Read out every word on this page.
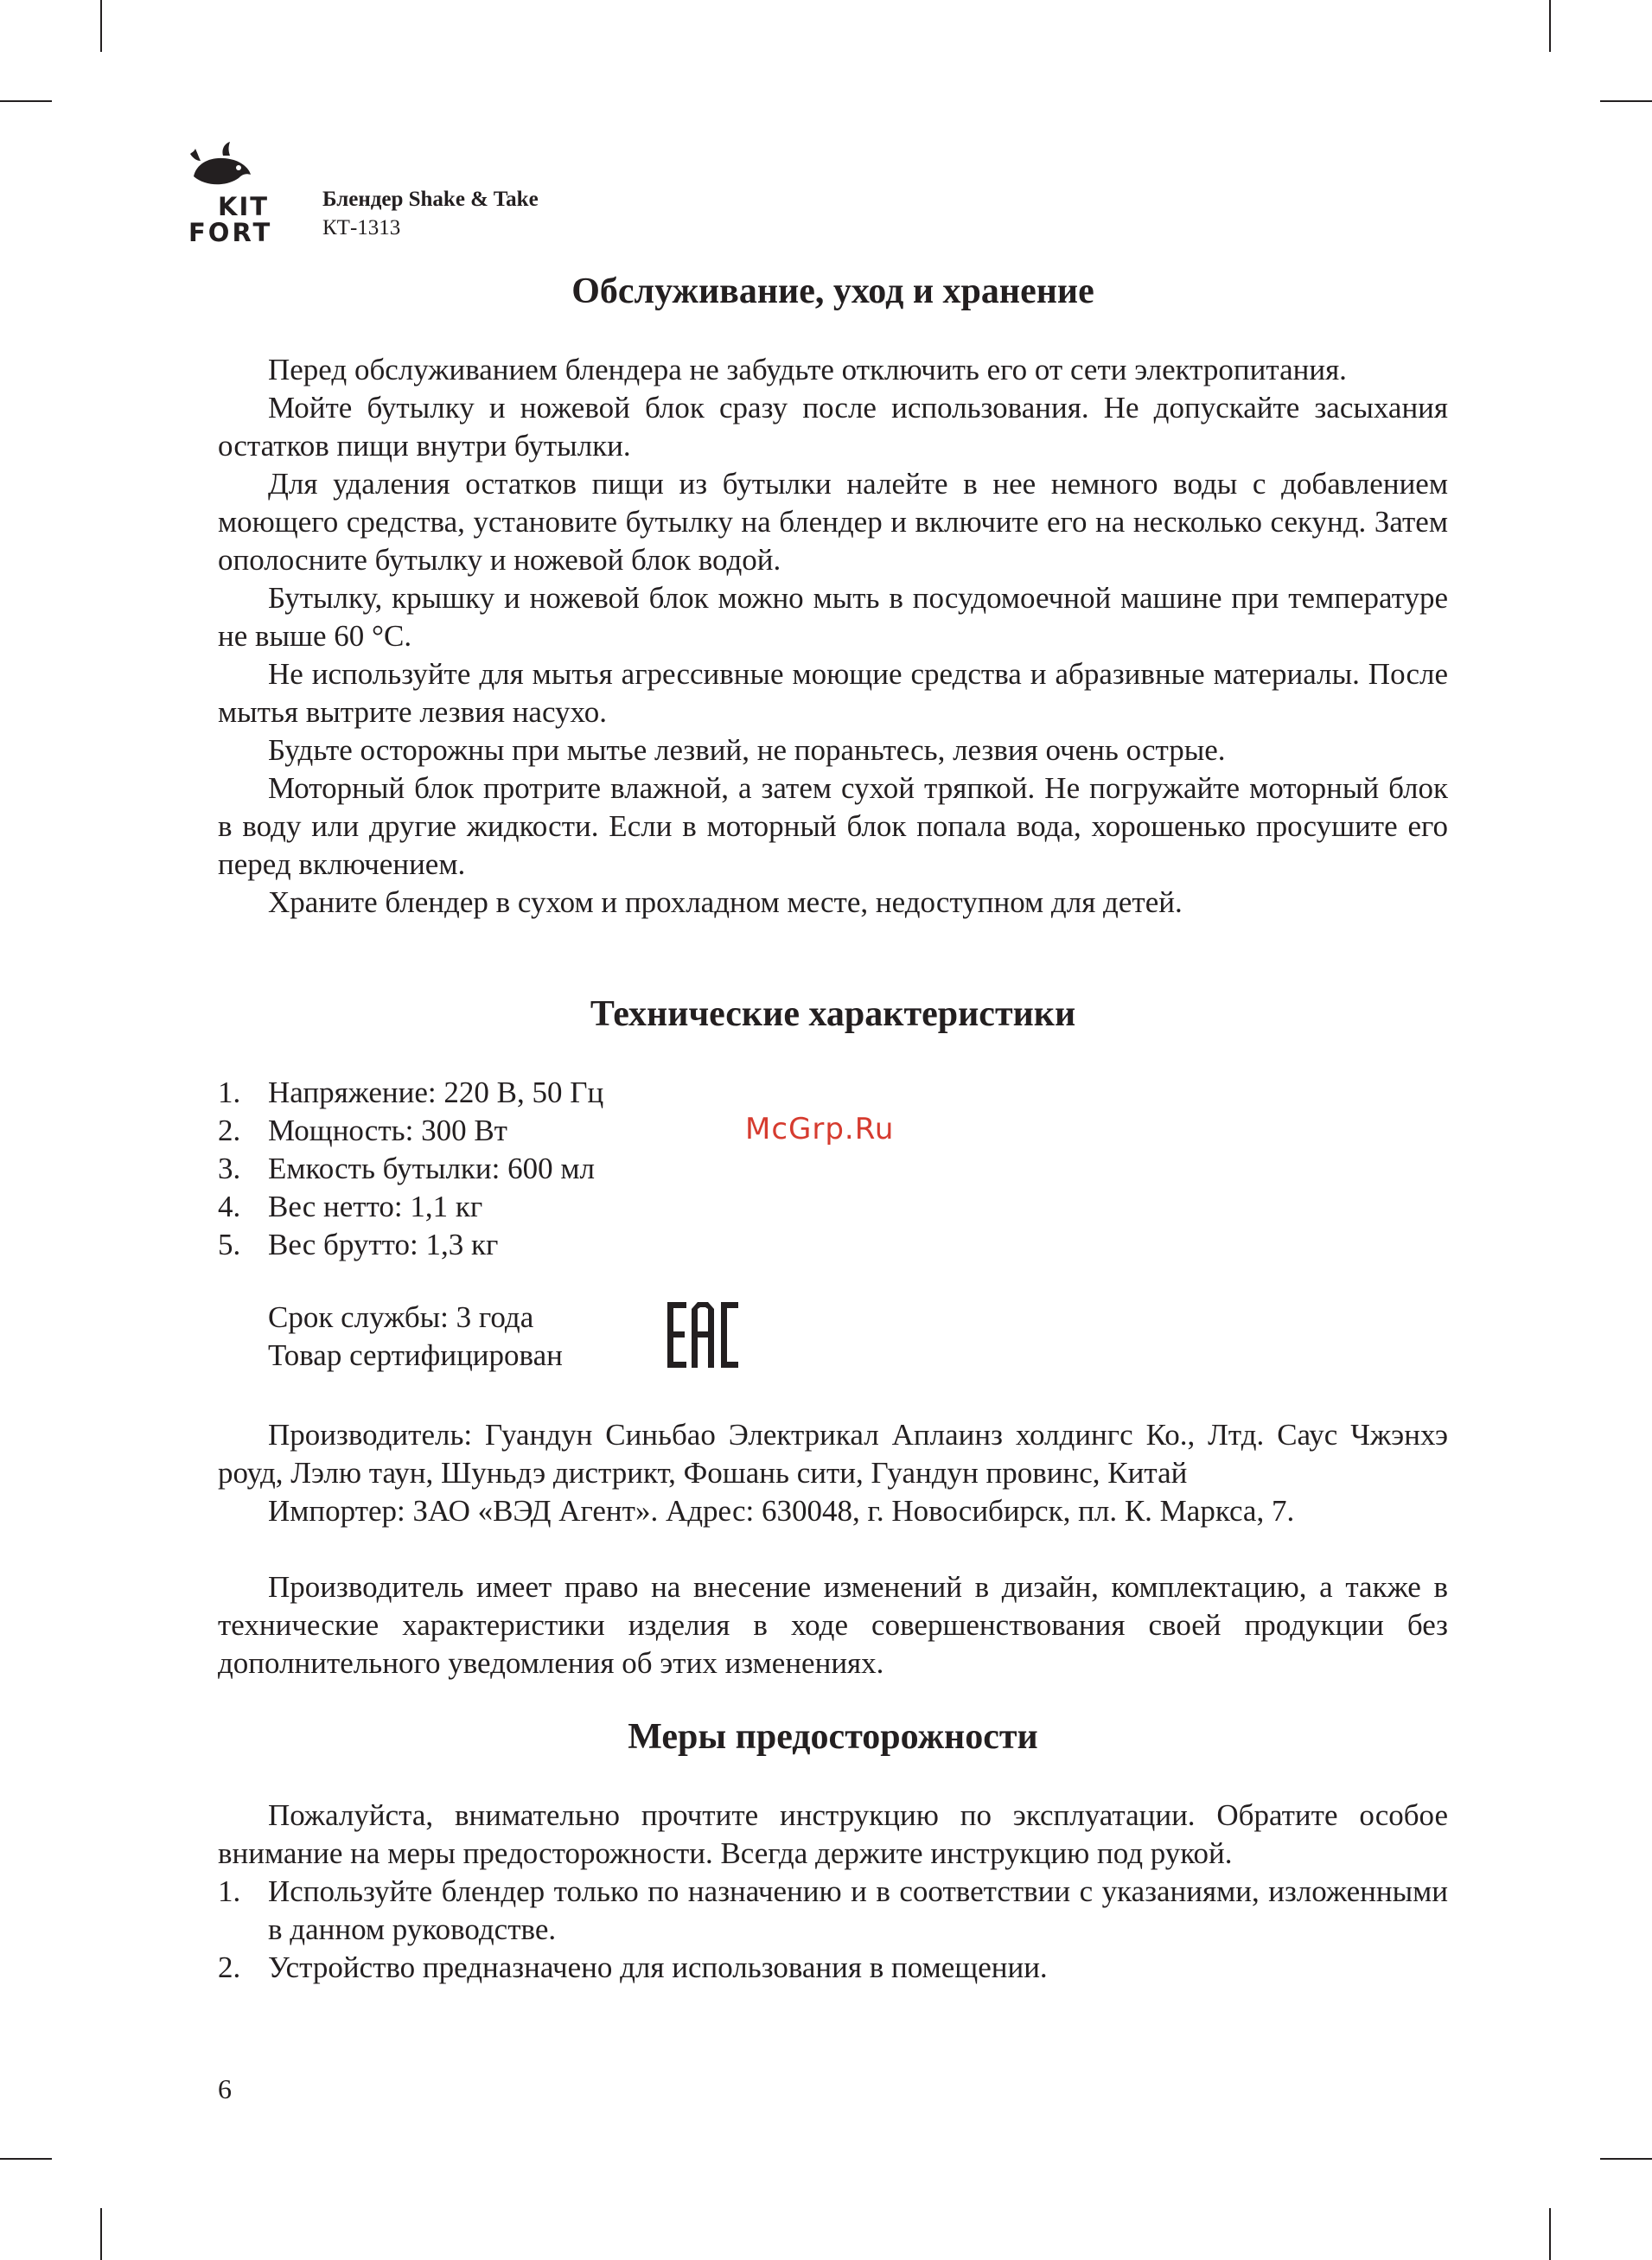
KIT
FORT
Блендер Shake & Take
КТ-1313
Обслуживание, уход и хранение

Перед обслуживанием блендера не забудьте отключить его от сети электропитания.

Мойте бутылку и ножевой блок сразу после использования. Не допускайте засыхания остатков пищи внутри бутылки.

Для удаления остатков пищи из бутылки налейте в нее немного воды с добавлением моющего средства, установите бутылку на блендер и включите его на несколько секунд. Затем ополосните бутылку и ножевой блок водой.

Бутылку, крышку и ножевой блок можно мыть в посудомоечной машине при температуре не выше 60 °С.

Не используйте для мытья агрессивные моющие средства и абразивные материалы. После мытья вытрите лезвия насухо.

Будьте осторожны при мытье лезвий, не пораньтесь, лезвия очень острые.

Моторный блок протрите влажной, а затем сухой тряпкой. Не погружайте моторный блок в воду или другие жидкости. Если в моторный блок попала вода, хорошенько просушите его перед включением.

Храните блендер в сухом и прохладном месте, недоступном для детей.

Технические характеристики
1. Напряжение: 220 В, 50 Гц
2. Мощность: 300 Вт
3. Емкость бутылки: 600 мл
4. Вес нетто: 1,1 кг
5. Вес брутто: 1,3 кг
McGrp.Ru
Срок службы: 3 года
Товар сертифицирован

Производитель: Гуандун Синьбао Электрикал Аплаинз холдингс Ко., Лтд. Саус Чжэнхэ роуд, Лэлю таун, Шуньдэ дистрикт, Фошань сити, Гуандун провинс, Китай

Импортер: ЗАО «ВЭД Агент». Адрес: 630048, г. Новосибирск, пл. К. Маркса, 7.

Производитель имеет право на внесение изменений в дизайн, комплектацию, а также в технические характеристики изделия в ходе совершенствования своей продукции без дополнительного уведомления об этих изменениях.

Меры предосторожности

Пожалуйста, внимательно прочтите инструкцию по эксплуатации. Обратите особое внимание на меры предосторожности. Всегда держите инструкцию под рукой.

1. Используйте блендер только по назначению и в соответствии с указаниями, изложенными в данном руководстве.
2. Устройство предназначено для использования в помещении.
6
